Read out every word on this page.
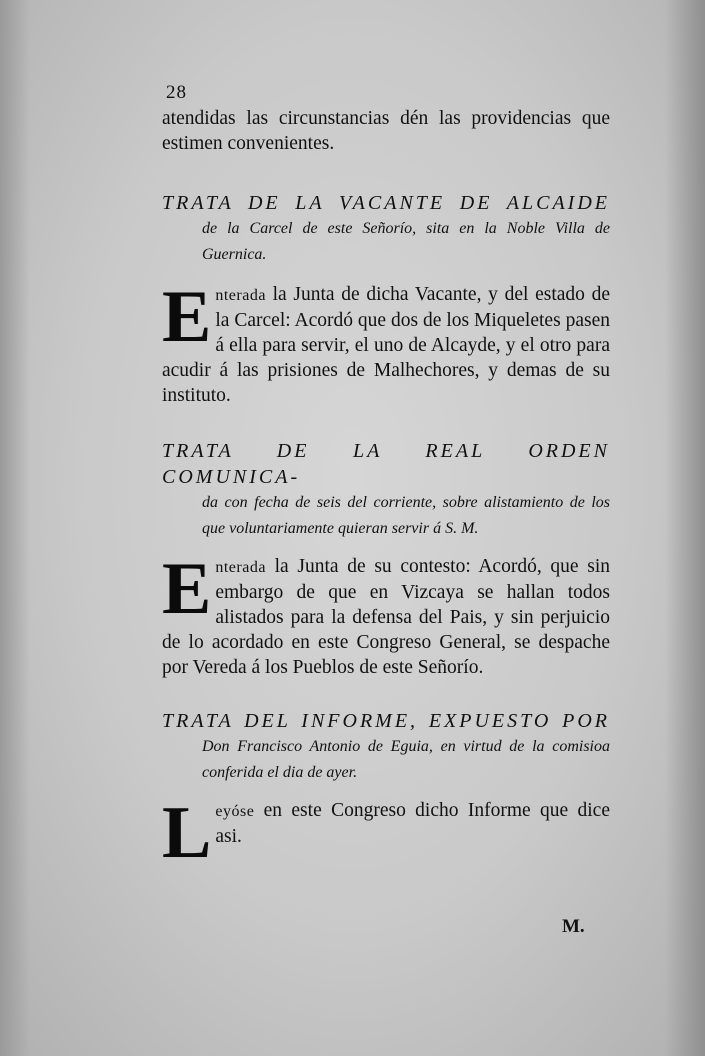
28

atendidas las circunstancias dén las providencias que estimen convenientes.

TRATA DE LA VACANTE DE ALCAIDE

de la Carcel de este Señorío, sita en la Noble Villa de Guernica.

E nterada la Junta de dicha Vacante, y del estado de la Carcel: Acordó que dos de los Miqueletes pasen á ella para servir, el uno de Alcayde, y el otro para acudir á las prisiones de Malhechores, y demas de su instituto.

TRATA DE LA REAL ORDEN COMUNICA-

da con fecha de seis del corriente, sobre alistamiento de los que voluntariamente quieran servir á S. M.

E nterada la Junta de su contesto: Acordó, que sin embargo de que en Vizcaya se hallan todos alistados para la defensa del Pais, y sin perjuicio de lo acordado en este Congreso General, se despache por Vereda á los Pueblos de este Señorío.

TRATA DEL INFORME, EXPUESTO POR

Don Francisco Antonio de Eguia, en virtud de la comisioa conferida el dia de ayer.

L eyóse en este Congreso dicho Informe que dice asi.

M.
